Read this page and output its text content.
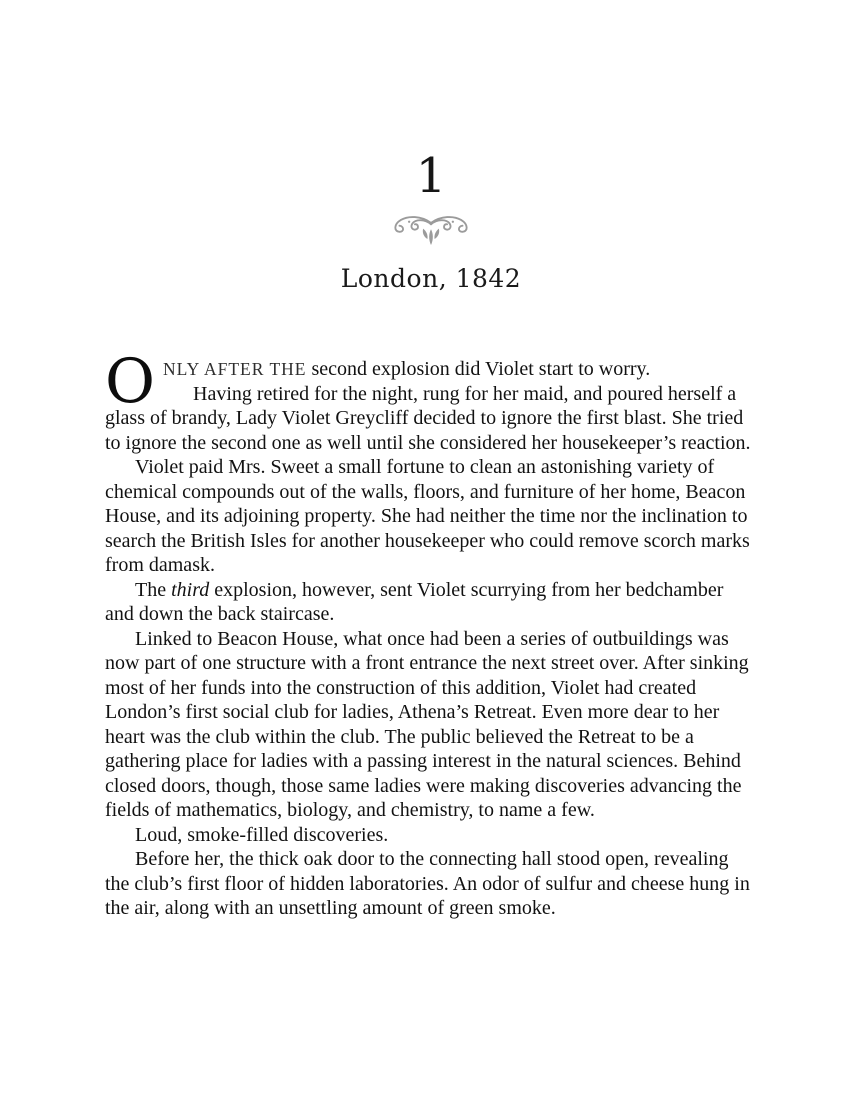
1
London, 1842

ONLY AFTER THE second explosion did Violet start to worry.

Having retired for the night, rung for her maid, and poured herself a glass of brandy, Lady Violet Greycliff decided to ignore the first blast. She tried to ignore the second one as well until she considered her housekeeper’s reaction.

Violet paid Mrs. Sweet a small fortune to clean an astonishing variety of chemical compounds out of the walls, floors, and furniture of her home, Beacon House, and its adjoining property. She had neither the time nor the inclination to search the British Isles for another housekeeper who could remove scorch marks from damask.

The third explosion, however, sent Violet scurrying from her bedchamber and down the back staircase.

Linked to Beacon House, what once had been a series of outbuildings was now part of one structure with a front entrance the next street over. After sinking most of her funds into the construction of this addition, Violet had created London’s first social club for ladies, Athena’s Retreat. Even more dear to her heart was the club within the club. The public believed the Retreat to be a gathering place for ladies with a passing interest in the natural sciences. Behind closed doors, though, those same ladies were making discoveries advancing the fields of mathematics, biology, and chemistry, to name a few.

Loud, smoke-filled discoveries.

Before her, the thick oak door to the connecting hall stood open, revealing the club’s first floor of hidden laboratories. An odor of sulfur and cheese hung in the air, along with an unsettling amount of green smoke.
